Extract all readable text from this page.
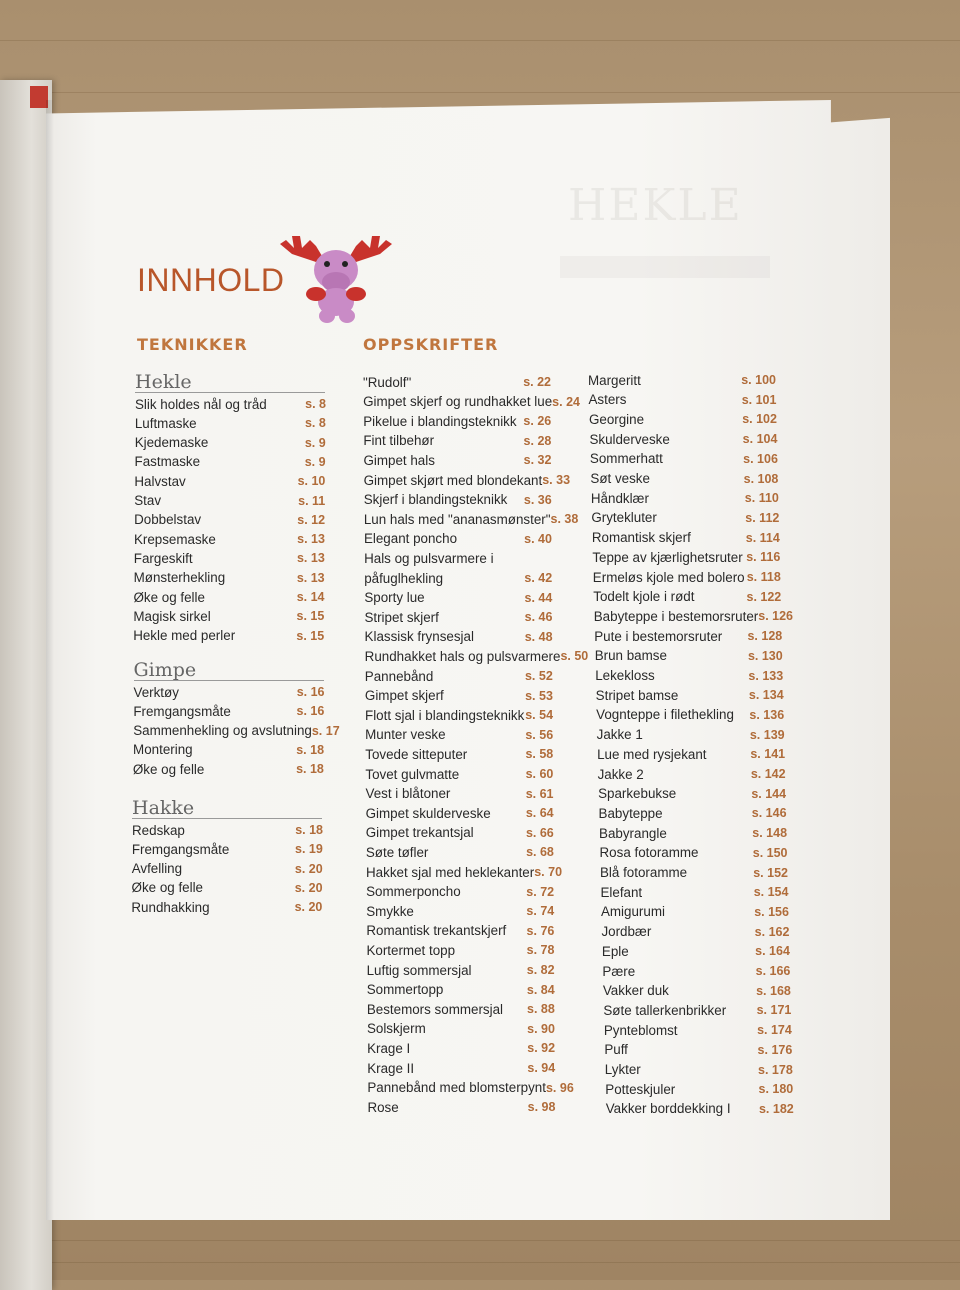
HEKLE
INNHOLD
TEKNIKKER	OPPSKRIFTER
Hekle
Slik holdes nål og tråd	s. 8
Luftmaske	s. 8
Kjedemaske	s. 9
Fastmaske	s. 9
Halvstav	s. 10
Stav	s. 11
Dobbelstav	s. 12
Krepsemaske	s. 13
Fargeskift	s. 13
Mønsterhekling	s. 13
Øke og felle	s. 14
Magisk sirkel	s. 15
Hekle med perler	s. 15
Gimpe
Verktøy	s. 16
Fremgangsmåte	s. 16
Sammenhekling og avslutning s. 17
Montering	s. 18
Øke og felle	s. 18
Hakke
Redskap	s. 18
Fremgangsmåte	s. 19
Avfelling	s. 20
Øke og felle	s. 20
Rundhakking	s. 20
"Rudolf"	s. 22
Gimpet skjerf og rundhakket lue s. 24
Pikelue i blandingsteknikk s. 26
Fint tilbehør	s. 28
Gimpet hals	s. 32
Gimpet skjørt med blondekant s. 33
Skjerf i blandingsteknikk s. 36
Lun hals med "ananasmønster" s. 38
Elegant poncho	s. 40
Hals og pulsvarmere i
påfuglhekling	s. 42
Sporty lue	s. 44
Stripet skjerf	s. 46
Klassisk frynsesjal	s. 48
Rundhakket hals og pulsvarmere s. 50
Pannebånd	s. 52
Gimpet skjerf	s. 53
Flott sjal i blandingsteknikk s. 54
Munter veske	s. 56
Tovede sitteputer	s. 58
Tovet gulvmatte	s. 60
Vest i blåtoner	s. 61
Gimpet skulderveske	s. 64
Gimpet trekantsjal	s. 66
Søte tøfler	s. 68
Hakket sjal med heklekanter s. 70
Sommerponcho	s. 72
Smykke	s. 74
Romantisk trekantskjerf s. 76
Kortermet topp	s. 78
Luftig sommersjal	s. 82
Sommertopp	s. 84
Bestemors sommersjal s. 88
Solskjerm	s. 90
Krage I	s. 92
Krage II	s. 94
Pannebånd med blomsterpynt s. 96
Rose	s. 98
Margeritt	s. 100
Asters	s. 101
Georgine	s. 102
Skulderveske	s. 104
Sommerhatt	s. 106
Søt veske	s. 108
Håndklær	s. 110
Grytekluter	s. 112
Romantisk skjerf	s. 114
Teppe av kjærlighetsruter s. 116
Ermeløs kjole med bolero s. 118
Todelt kjole i rødt	s. 122
Babyteppe i bestemorsruter s. 126
Pute i bestemorsruter s. 128
Brun bamse	s. 130
Lekekloss	s. 133
Stripet bamse	s. 134
Vognteppe i filethekling s. 136
Jakke 1	s. 139
Lue med rysjekant	s. 141
Jakke 2	s. 142
Sparkebukse	s. 144
Babyteppe	s. 146
Babyrangle	s. 148
Rosa fotoramme	s. 150
Blå fotoramme	s. 152
Elefant	s. 154
Amigurumi	s. 156
Jordbær	s. 162
Eple	s. 164
Pære	s. 166
Vakker duk	s. 168
Søte tallerkenbrikker s. 171
Pynteblomst	s. 174
Puff	s. 176
Lykter	s. 178
Potteskjuler	s. 180
Vakker borddekking I s. 182
